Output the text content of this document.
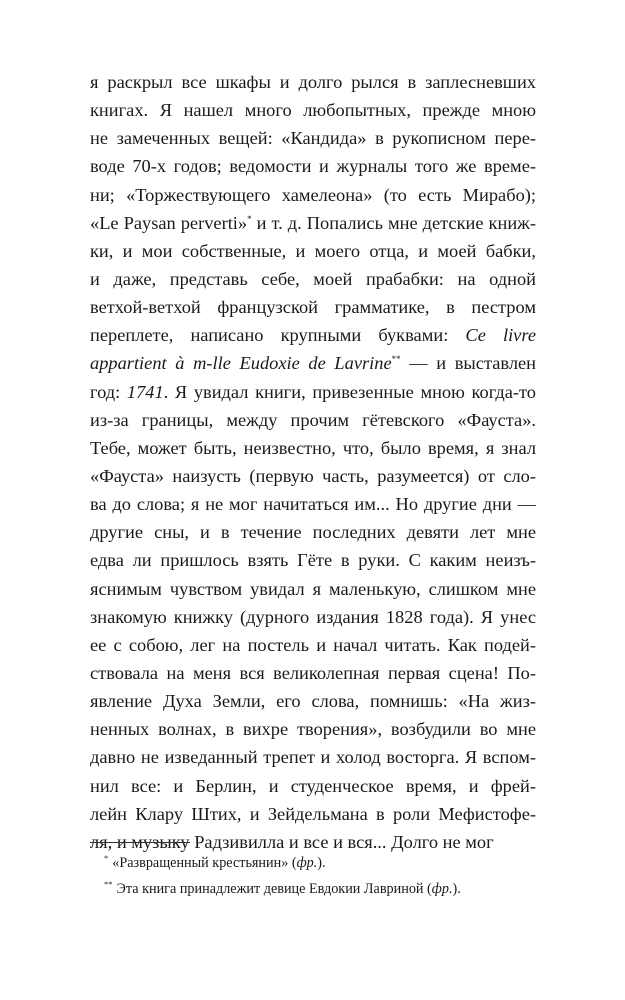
я раскрыл все шкафы и долго рылся в заплесневших
книгах. Я нашел много любопытных, прежде мною
не замеченных вещей: «Кандида» в рукописном пере-
воде 70-х годов; ведомости и журналы того же време-
ни; «Торжествующего хамелеона» (то есть Мирабо);
«Le Paysan perverti»* и т. д. Попались мне детские книж-
ки, и мои собственные, и моего отца, и моей бабки,
и даже, представь себе, моей прабабки: на одной
ветхой-ветхой французской грамматике, в пестром
переплете, написано крупными буквами: Ce livre
appartient à m-lle Eudoxie de Lavrine** — и выставлен
год: 1741. Я увидал книги, привезенные мною когда-то
из-за границы, между прочим гётевского «Фауста».
Тебе, может быть, неизвестно, что, было время, я знал
«Фауста» наизусть (первую часть, разумеется) от сло-
ва до слова; я не мог начитаться им... Но другие дни —
другие сны, и в течение последних девяти лет мне
едва ли пришлось взять Гёте в руки. С каким неизъ-
яснимым чувством увидал я маленькую, слишком мне
знакомую книжку (дурного издания 1828 года). Я унес
ее с собою, лег на постель и начал читать. Как подей-
ствовала на меня вся великолепная первая сцена! По-
явление Духа Земли, его слова, помнишь: «На жиз-
ненных волнах, в вихре творения», возбудили во мне
давно не изведанный трепет и холод восторга. Я вспом-
нил все: и Берлин, и студенческое время, и фрей-
лейн Клару Штих, и Зейдельмана в роли Мефистофе-
ля, и музыку Радзивилла и все и вся... Долго не мог
* «Развращенный крестьянин» (фр.).
** Эта книга принадлежит девице Евдокии Лавриной (фр.).
